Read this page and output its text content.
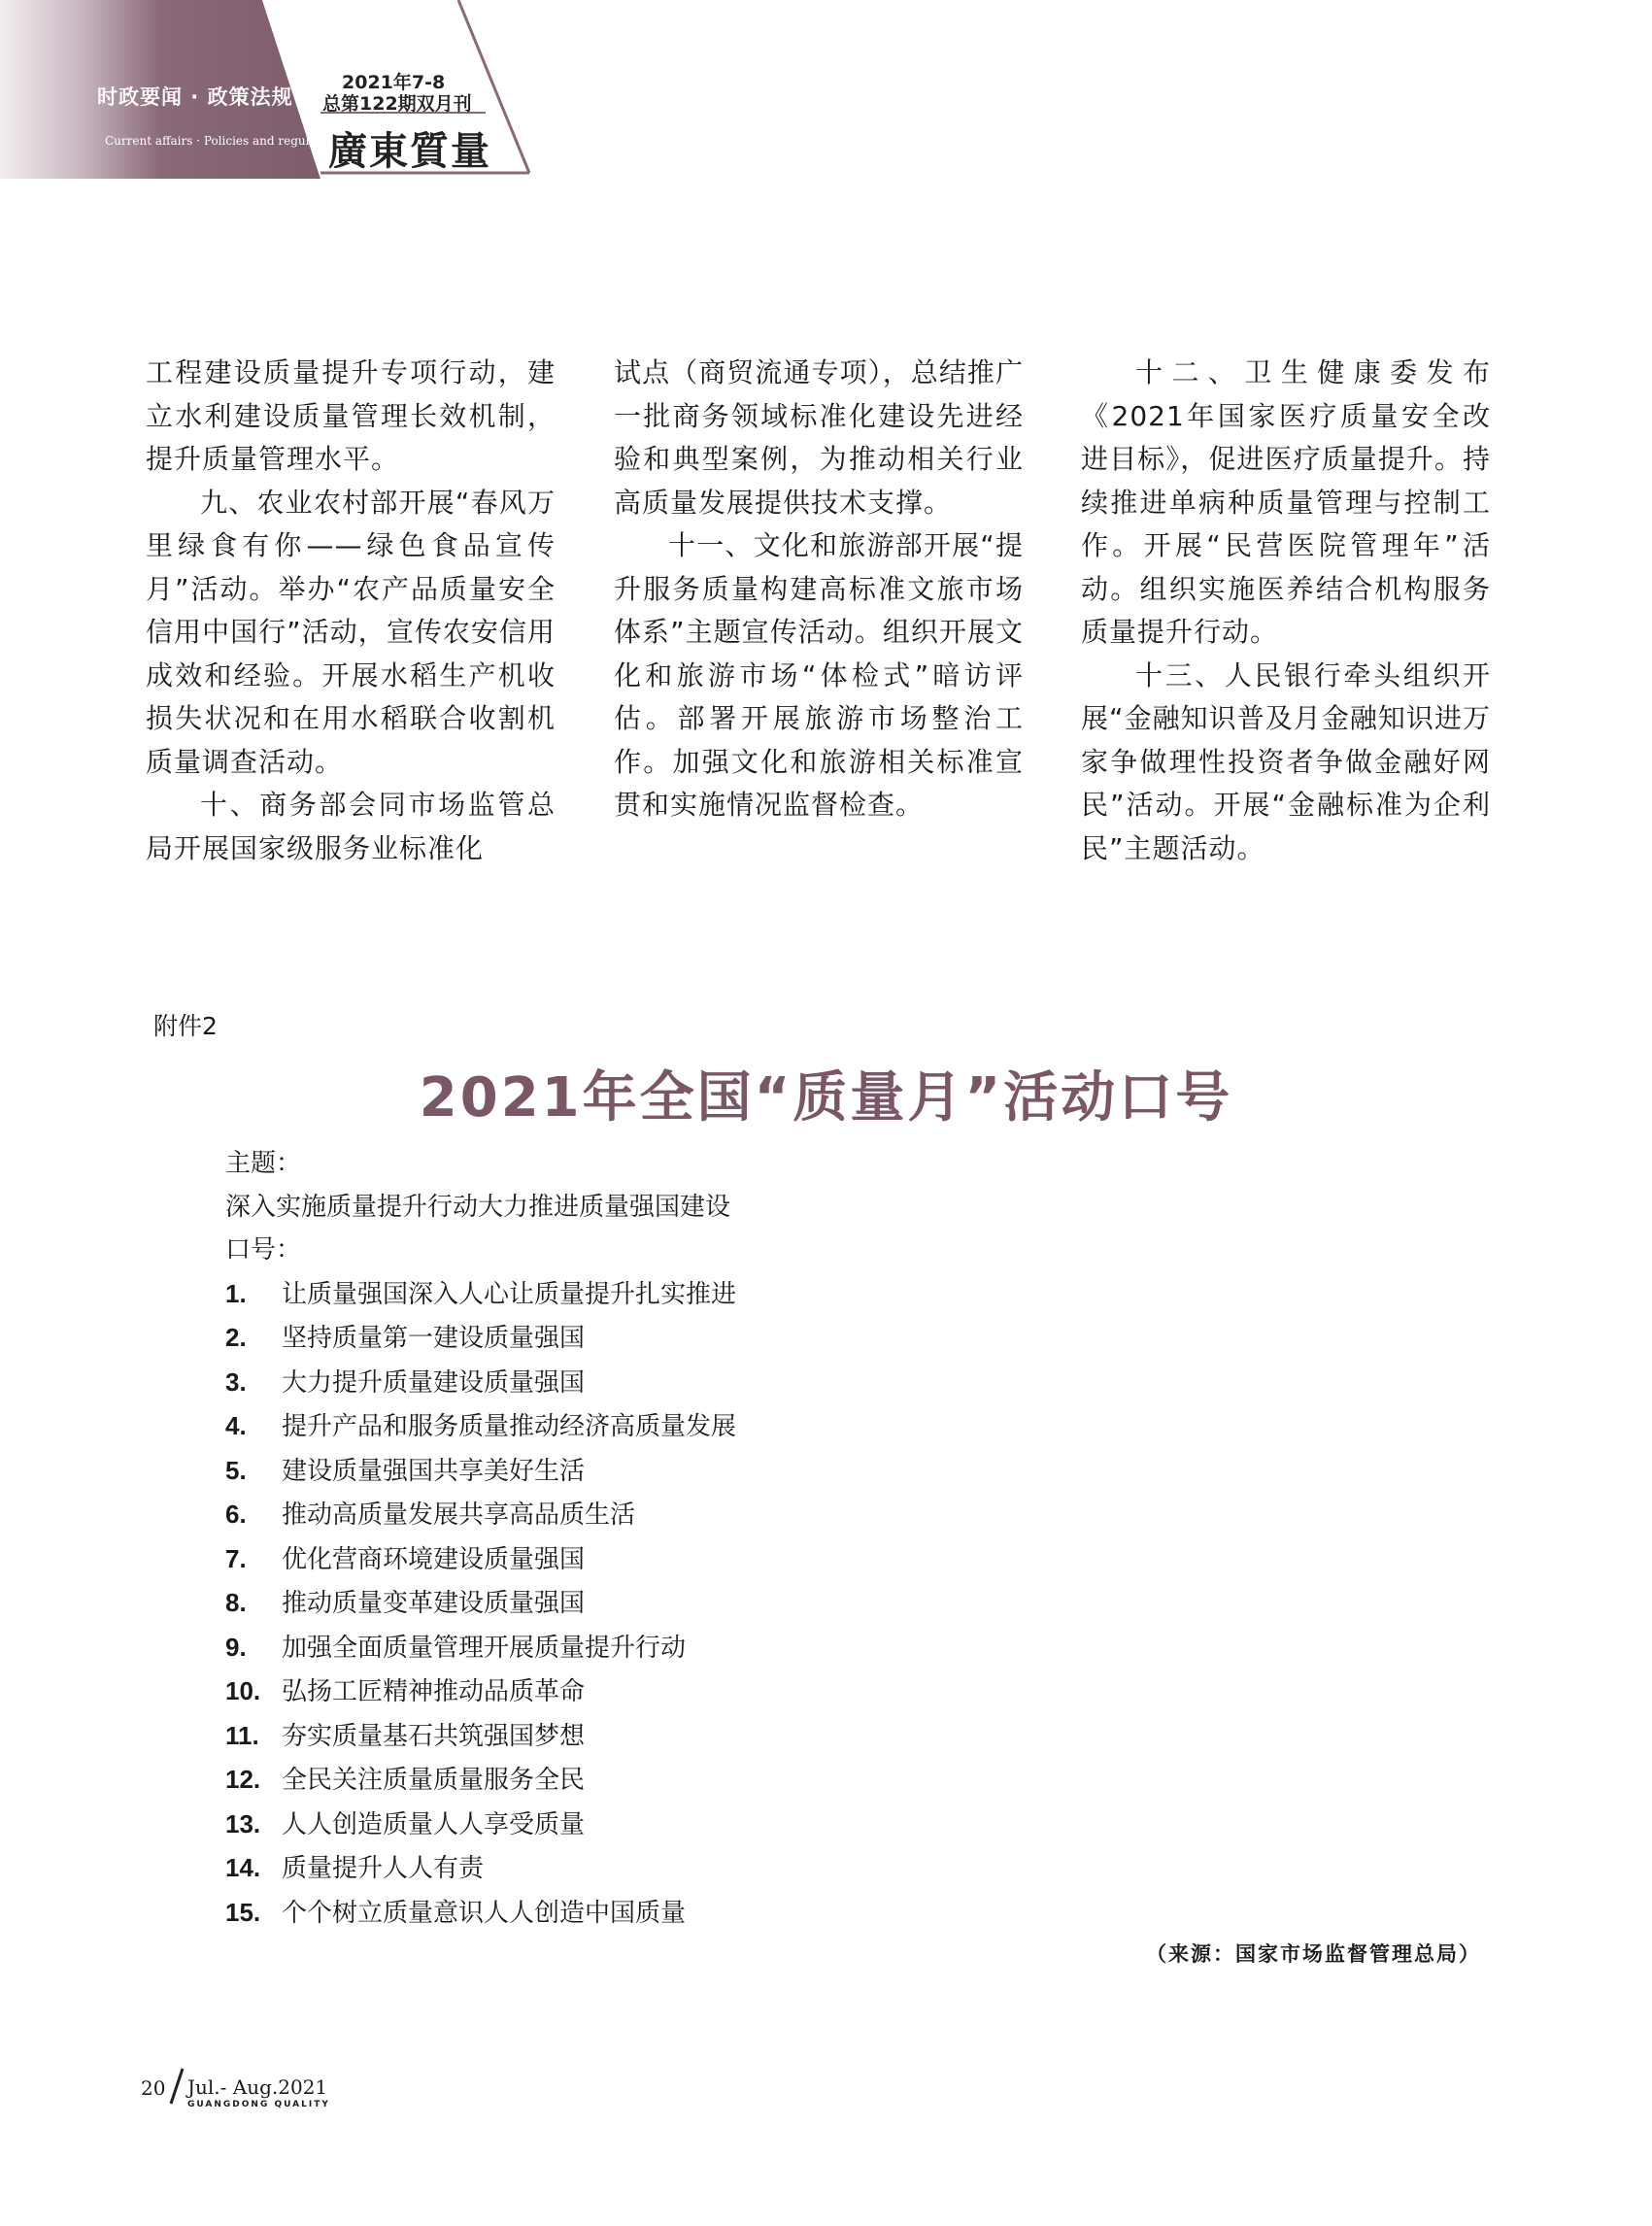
时政要闻 · 政策法规
Current affairs · Policies and regulations
2021年7-8
总第122期双月刊
廣東質量

工程建设质量提升专项行动，建立水利建设质量管理长效机制，提升质量管理水平。

九、农业农村部开展“春风万里绿食有你——绿色食品宣传月”活动。举办“农产品质量安全信用中国行”活动，宣传农安信用成效和经验。开展水稻生产机收损失状况和在用水稻联合收割机质量调查活动。

十、商务部会同市场监管总局开展国家级服务业标准化

试点（商贸流通专项），总结推广一批商务领域标准化建设先进经验和典型案例，为推动相关行业高质量发展提供技术支撑。

十一、文化和旅游部开展“提升服务质量构建高标准文旅市场体系”主题宣传活动。组织开展文化和旅游市场“体检式”暗访评估。部署开展旅游市场整治工作。加强文化和旅游相关标准宣贯和实施情况监督检查。

十二、卫生健康委发布《2021年国家医疗质量安全改进目标》，促进医疗质量提升。持续推进单病种质量管理与控制工作。开展“民营医院管理年”活动。组织实施医养结合机构服务质量提升行动。

十三、人民银行牵头组织开展“金融知识普及月金融知识进万家争做理性投资者争做金融好网民”活动。开展“金融标准为企利民”主题活动。

附件2
2021年全国“质量月”活动口号
主题：
深入实施质量提升行动大力推进质量强国建设
口号：
1. 让质量强国深入人心让质量提升扎实推进
2. 坚持质量第一建设质量强国
3. 大力提升质量建设质量强国
4. 提升产品和服务质量推动经济高质量发展
5. 建设质量强国共享美好生活
6. 推动高质量发展共享高品质生活
7. 优化营商环境建设质量强国
8. 推动质量变革建设质量强国
9. 加强全面质量管理开展质量提升行动
10. 弘扬工匠精神推动品质革命
11. 夯实质量基石共筑强国梦想
12. 全民关注质量质量服务全民
13. 人人创造质量人人享受质量
14. 质量提升人人有责
15. 个个树立质量意识人人创造中国质量
（来源：国家市场监督管理总局）
20 Jul.- Aug.2021
GUANGDONG QUALITY
